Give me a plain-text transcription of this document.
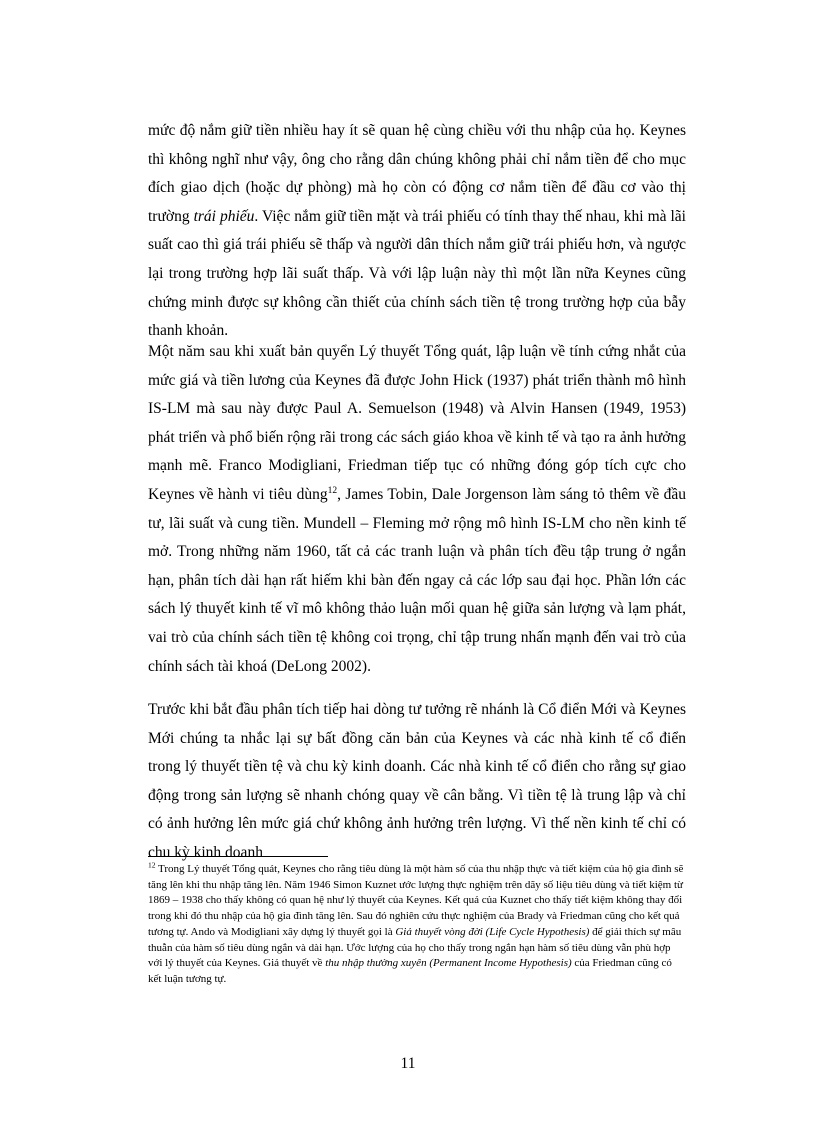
mức độ nắm giữ tiền nhiều hay ít sẽ quan hệ cùng chiều với thu nhập của họ. Keynes thì không nghĩ như vậy, ông cho rằng dân chúng không phải chỉ nắm tiền để cho mục đích giao dịch (hoặc dự phòng) mà họ còn có động cơ nắm tiền để đầu cơ vào thị trường trái phiếu. Việc nắm giữ tiền mặt và trái phiếu có tính thay thế nhau, khi mà lãi suất cao thì giá trái phiếu sẽ thấp và người dân thích nắm giữ trái phiếu hơn, và ngược lại trong trường hợp lãi suất thấp. Và với lập luận này thì một lần nữa Keynes cũng chứng minh được sự không cần thiết của chính sách tiền tệ trong trường hợp của bẫy thanh khoản.

Một năm sau khi xuất bản quyển Lý thuyết Tổng quát, lập luận về tính cứng nhắt của mức giá và tiền lương của Keynes đã được John Hick (1937) phát triển thành mô hình IS-LM mà sau này được Paul A. Semuelson (1948) và Alvin Hansen (1949, 1953) phát triển và phổ biến rộng rãi trong các sách giáo khoa về kinh tế và tạo ra ảnh hưởng mạnh mẽ. Franco Modigliani, Friedman tiếp tục có những đóng góp tích cực cho Keynes về hành vi tiêu dùng$^{12}$, James Tobin, Dale Jorgenson làm sáng tỏ thêm về đầu tư, lãi suất và cung tiền. Mundell – Fleming mở rộng mô hình IS-LM cho nền kinh tế mở. Trong những năm 1960, tất cả các tranh luận và phân tích đều tập trung ở ngắn hạn, phân tích dài hạn rất hiếm khi bàn đến ngay cả các lớp sau đại học. Phần lớn các sách lý thuyết kinh tế vĩ mô không thảo luận mối quan hệ giữa sản lượng và lạm phát, vai trò của chính sách tiền tệ không coi trọng, chỉ tập trung nhấn mạnh đến vai trò của chính sách tài khoá (DeLong 2002).

Trước khi bắt đầu phân tích tiếp hai dòng tư tưởng rẽ nhánh là Cổ điển Mới và Keynes Mới chúng ta nhắc lại sự bất đồng căn bản của Keynes và các nhà kinh tế cổ điển trong lý thuyết tiền tệ và chu kỳ kinh doanh. Các nhà kinh tế cổ điển cho rằng sự giao động trong sản lượng sẽ nhanh chóng quay về cân bằng. Vì tiền tệ là trung lập và chỉ có ảnh hưởng lên mức giá chứ không ảnh hưởng trên lượng. Vì thế nền kinh tế chỉ có chu kỳ kinh doanh

$^{12}$ Trong Lý thuyết Tổng quát, Keynes cho rằng tiêu dùng là một hàm số của thu nhập thực và tiết kiệm của hộ gia đình sẽ tăng lên khi thu nhập tăng lên. Năm 1946 Simon Kuznet ước lượng thực nghiệm trên dãy số liệu tiêu dùng và tiết kiệm từ 1869 – 1938 cho thấy không có quan hệ như lý thuyết của Keynes. Kết quả của Kuznet cho thấy tiết kiệm không thay đổi trong khi đó thu nhập của hộ gia đình tăng lên. Sau đó nghiên cứu thực nghiệm của Brady và Friedman cũng cho kết quả tương tự. Ando và Modigliani xây dựng lý thuyết gọi là Giả thuyết vòng đời (Life Cycle Hypothesis) để giải thích sự mâu thuẫn của hàm số tiêu dùng ngắn và dài hạn. Ước lượng của họ cho thấy trong ngắn hạn hàm số tiêu dùng vẫn phù hợp với lý thuyết của Keynes. Giả thuyết về thu nhập thường xuyên (Permanent Income Hypothesis) của Friedman cũng có kết luận tương tự.

11
